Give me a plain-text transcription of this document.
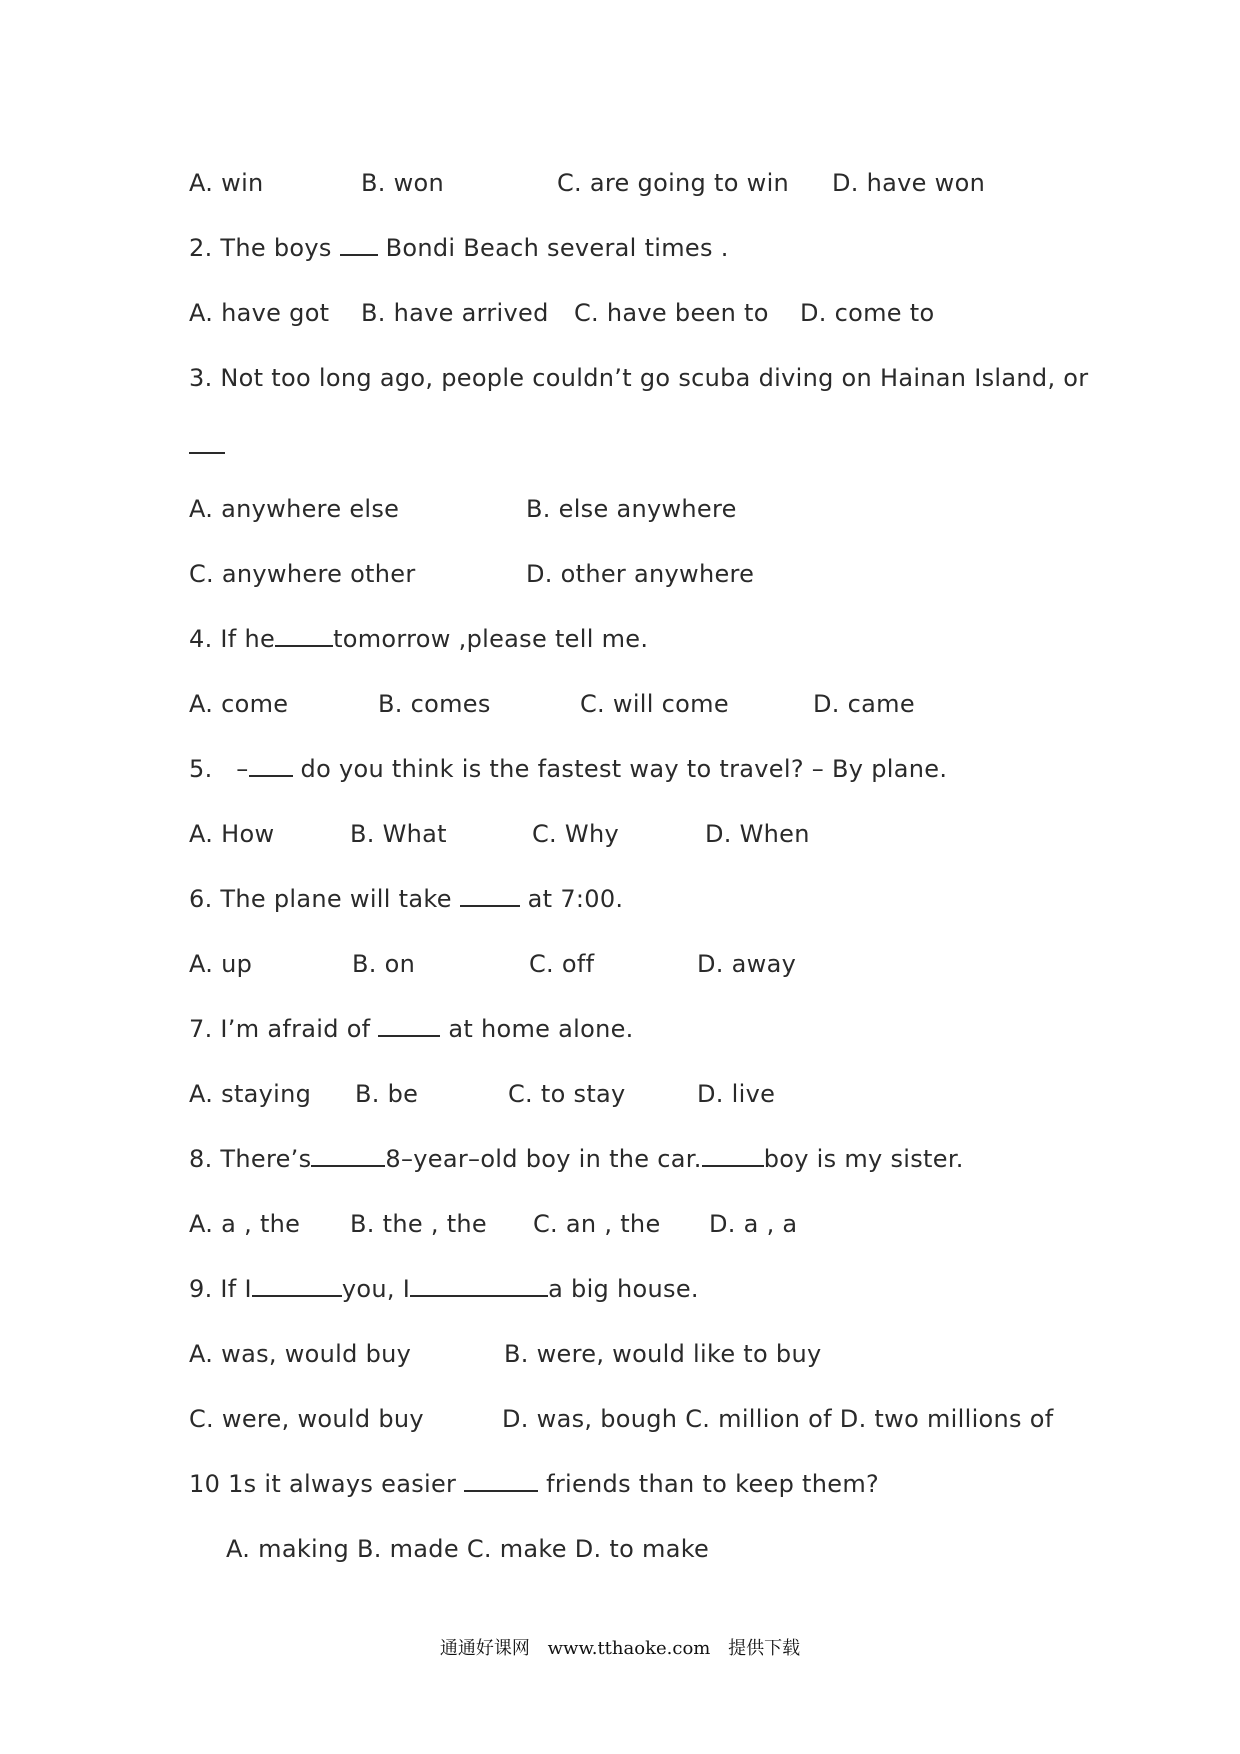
A. win	B. won	C. are going to win D. have won
2. The boys Bondi Beach several times .
A. have got B. have arrived C. have been to D. come to
3. Not too long ago, people couldn’t go scuba diving on Hainan Island, or
A. anywhere else	B. else anywhere
C. anywhere other	D. other anywhere
4. If he tomorrow ,please tell me.
A. come	B. comes	C. will come	D. came
5.   – do you think is the fastest way to travel? – By plane.
A. How	B. What	C. Why	D. When
6. The plane will take	at 7:00.
A. up	B. on	C. off	D. away
7. I’m afraid of	at home alone.
A. staying B. be	C. to stay	D. live
8. There’s	8–year–old boy in the car.	boy is my sister.
A. a , the B. the , the C. an , the D. a , a
9. If I	you, I	a big house.
A. was, would buy	B. were, would like to buy
C. were, would buy	D. was, bough C. million of D. two millions of
10 1s it always easier	friends than to keep them?
A. making B. made C. make D. to make
通通好课网 www.tthaoke.com 提供下载
